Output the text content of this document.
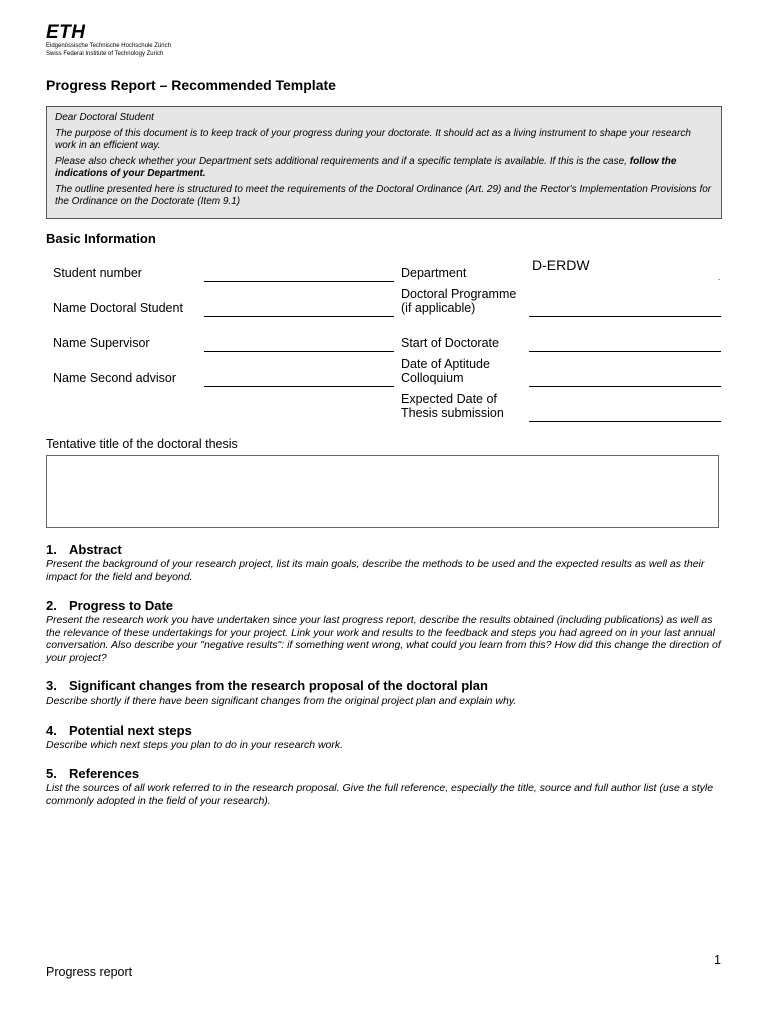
ETH
Eidgenössische Technische Hochschule Zürich
Swiss Federal Institute of Technology Zurich
Progress Report – Recommended Template

Dear Doctoral Student

The purpose of this document is to keep track of your progress during your doctorate. It should act as a living instrument to shape your research work in an efficient way.

Please also check whether your Department sets additional requirements and if a specific template is available. If this is the case, follow the indications of your Department.

The outline presented here is structured to meet the requirements of the Doctoral Ordinance (Art. 29) and the Rector's Implementation Provisions for the Ordinance on the Doctorate (Item 9.1)

Basic Information
Student number
Name Doctoral Student
Name Supervisor
Name Second advisor
Department	D-ERDW
.
Doctoral Programme
(if applicable)
Start of Doctorate
Date of Aptitude
Colloquium
Expected Date of
Thesis submission
Tentative title of the doctoral thesis
1. Abstract
Present the background of your research project, list its main goals, describe the methods to be used and the expected results as well as their impact for the field and beyond.
2. Progress to Date
Present the research work you have undertaken since your last progress report, describe the results obtained (including publications) as well as the relevance of these undertakings for your project. Link your work and results to the feedback and steps you had agreed on in your last annual conversation. Also describe your "negative results": if something went wrong, what could you learn from this? How did this change the direction of your project?
3. Significant changes from the research proposal of the doctoral plan
Describe shortly if there have been significant changes from the original project plan and explain why.
4. Potential next steps
Describe which next steps you plan to do in your research work.
5. References
List the sources of all work referred to in the research proposal. Give the full reference, especially the title, source and full author list (use a style commonly adopted in the field of your research).
1
Progress report
